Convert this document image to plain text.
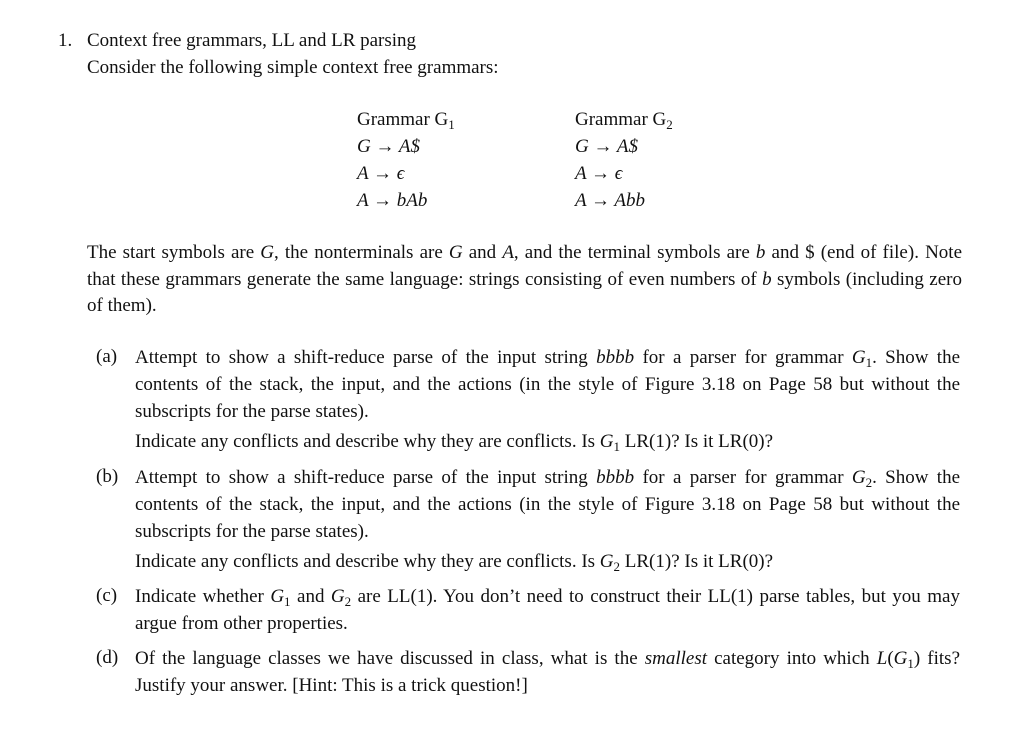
1. Context free grammars, LL and LR parsing
Consider the following simple context free grammars:
Grammar $G_1$
G → A$
A → ϵ
A → bAb
Grammar $G_2$
G → A$
A → ϵ
A → Abb
The start symbols are G, the nonterminals are G and A, and the terminal symbols are b and $ (end of file). Note that these grammars generate the same language: strings consisting of even numbers of b symbols (including zero of them).
(a) Attempt to show a shift-reduce parse of the input string bbbb for a parser for grammar $G_1$. Show the contents of the stack, the input, and the actions (in the style of Figure 3.18 on Page 58 but without the subscripts for the parse states).
Indicate any conflicts and describe why they are conflicts. Is $G_1$ LR(1)? Is it LR(0)?
(b) Attempt to show a shift-reduce parse of the input string bbbb for a parser for grammar $G_2$. Show the contents of the stack, the input, and the actions (in the style of Figure 3.18 on Page 58 but without the subscripts for the parse states).
Indicate any conflicts and describe why they are conflicts. Is $G_2$ LR(1)? Is it LR(0)?
(c) Indicate whether $G_1$ and $G_2$ are LL(1). You don’t need to construct their LL(1) parse tables, but you may argue from other properties.
(d) Of the language classes we have discussed in class, what is the smallest category into which $L(G_1)$ fits? Justify your answer. [Hint: This is a trick question!]
